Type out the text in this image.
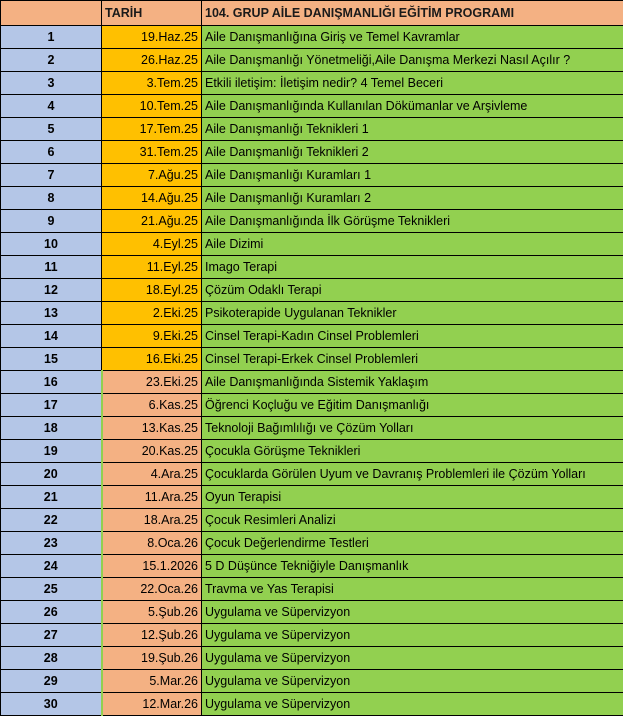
	TARİH	104. GRUP AİLE DANIŞMANLIĞI EĞİTİM PROGRAMI
1	19.Haz.25	Aile Danışmanlığına Giriş ve Temel Kavramlar
2	26.Haz.25	Aile Danışmanlığı Yönetmeliği,Aile Danışma Merkezi Nasıl Açılır ?
3	3.Tem.25	Etkili iletişim: İletişim nedir? 4 Temel Beceri
4	10.Tem.25	Aile Danışmanlığında Kullanılan Dökümanlar ve Arşivleme
5	17.Tem.25	Aile Danışmanlığı Teknikleri 1
6	31.Tem.25	Aile Danışmanlığı Teknikleri 2
7	7.Ağu.25	Aile Danışmanlığı Kuramları 1
8	14.Ağu.25	Aile Danışmanlığı Kuramları 2
9	21.Ağu.25	Aile Danışmanlığında İlk Görüşme Teknikleri
10	4.Eyl.25	Aile Dizimi
11	11.Eyl.25	Imago Terapi
12	18.Eyl.25	Çözüm Odaklı Terapi
13	2.Eki.25	Psikoterapide Uygulanan Teknikler
14	9.Eki.25	Cinsel Terapi-Kadın Cinsel Problemleri
15	16.Eki.25	Cinsel Terapi-Erkek Cinsel Problemleri
16	23.Eki.25	Aile Danışmanlığında Sistemik Yaklaşım
17	6.Kas.25	Öğrenci Koçluğu ve Eğitim Danışmanlığı
18	13.Kas.25	Teknoloji Bağımlılığı ve Çözüm Yolları
19	20.Kas.25	Çocukla Görüşme Teknikleri
20	4.Ara.25	Çocuklarda Görülen Uyum ve Davranış Problemleri ile Çözüm Yolları
21	11.Ara.25	Oyun Terapisi
22	18.Ara.25	Çocuk Resimleri Analizi
23	8.Oca.26	Çocuk Değerlendirme Testleri
24	15.1.2026	5 D Düşünce Tekniğiyle Danışmanlık
25	22.Oca.26	Travma ve Yas Terapisi
26	5.Şub.26	Uygulama ve Süpervizyon
27	12.Şub.26	Uygulama ve Süpervizyon
28	19.Şub.26	Uygulama ve Süpervizyon
29	5.Mar.26	Uygulama ve Süpervizyon
30	12.Mar.26	Uygulama ve Süpervizyon
